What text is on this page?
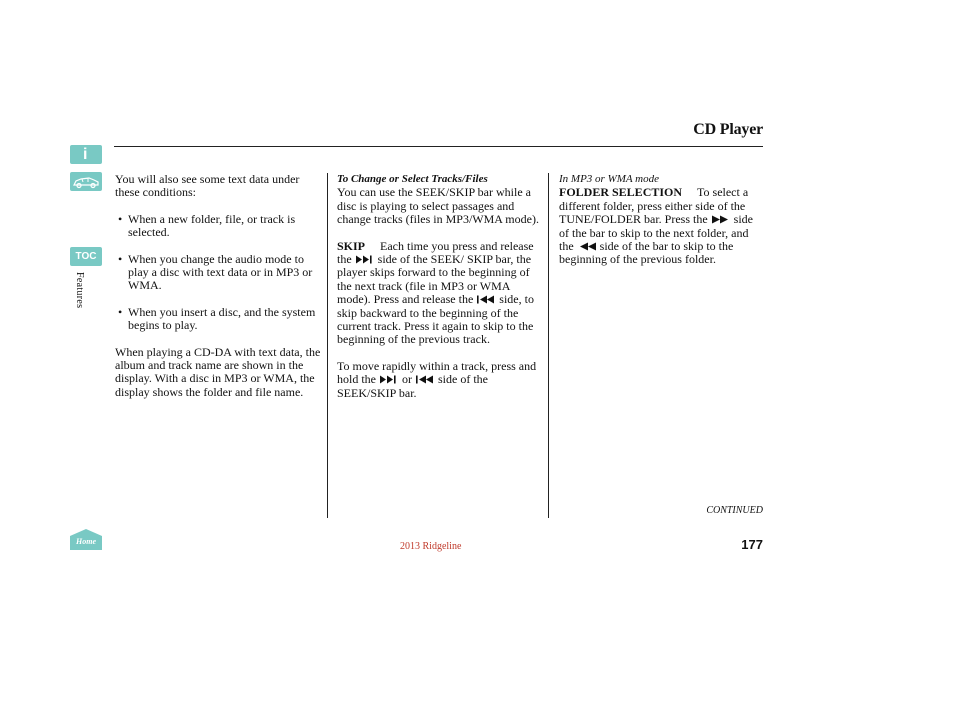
CD Player
i
TOC
Features
Home

You will also see some text data under these conditions:

• When a new folder, file, or track is selected.
• When you change the audio mode to play a disc with text data or in MP3 or WMA.
• When you insert a disc, and the system begins to play.

When playing a CD-DA with text data, the album and track name are shown in the display. With a disc in MP3 or WMA, the display shows the folder and file name.

To Change or Select Tracks/Files

You can use the SEEK/SKIP bar while a disc is playing to select passages and change tracks (files in MP3/WMA mode).

SKIP Each time you press and release the side of the SEEK/ SKIP bar, the player skips forward to the beginning of the next track (file in MP3 or WMA mode). Press and release the side, to skip backward to the beginning of the current track. Press it again to skip to the beginning of the previous track.

To move rapidly within a track, press and hold the or side of the SEEK/SKIP bar.

In MP3 or WMA mode

FOLDER SELECTION To select a different folder, press either side of the TUNE/FOLDER bar. Press the side of the bar to skip to the next folder, and the side of the bar to skip to the beginning of the previous folder.

CONTINUED
177
2013 Ridgeline
